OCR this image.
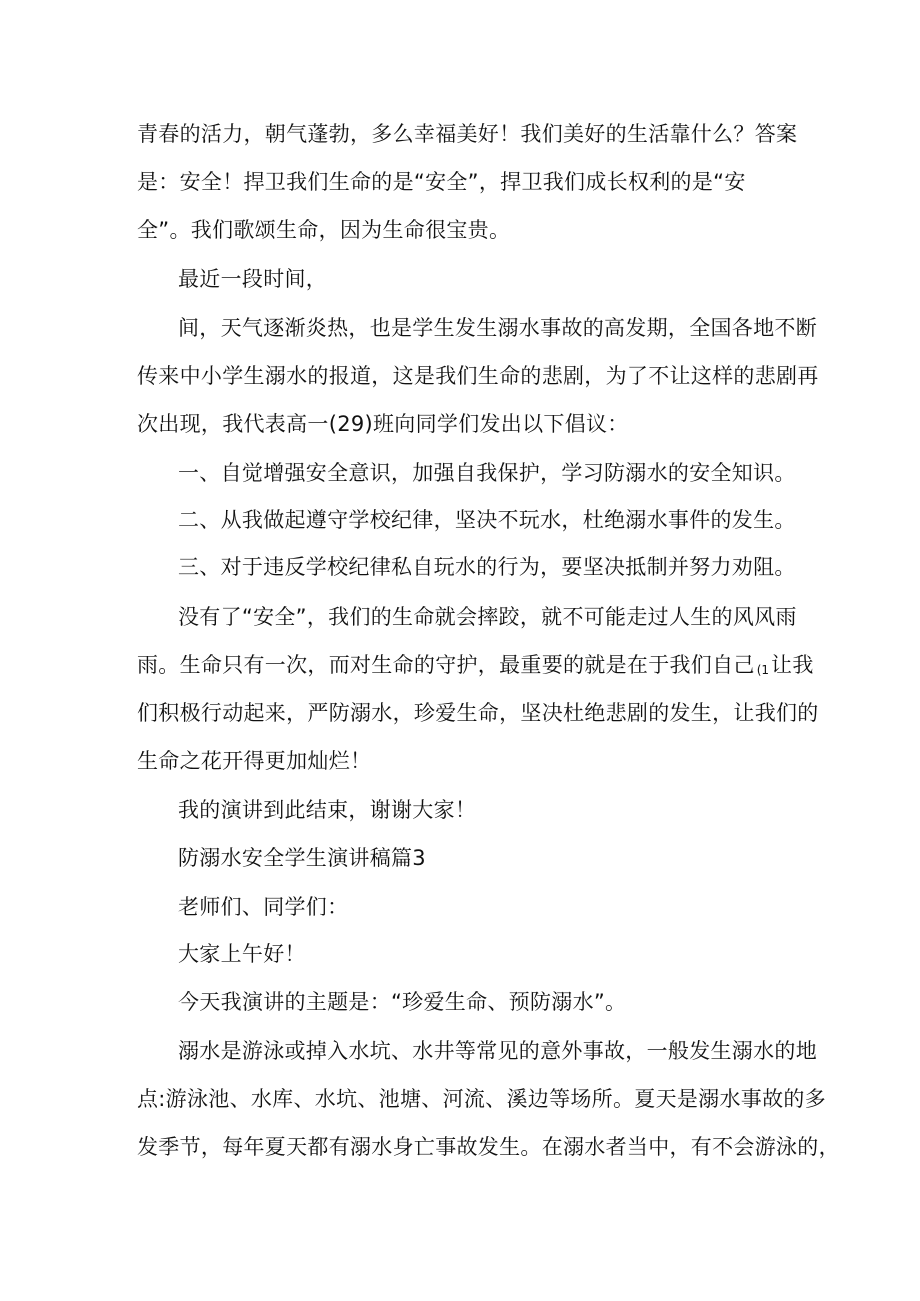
青春的活力，朝气蓬勃，多么幸福美好！我们美好的生活靠什么？答案
是：安全！捍卫我们生命的是“安全”，捍卫我们成长权利的是“安
全”。我们歌颂生命，因为生命很宝贵。
最近一段时间，
间，天气逐渐炎热，也是学生发生溺水事故的高发期，全国各地不断
传来中小学生溺水的报道，这是我们生命的悲剧，为了不让这样的悲剧再
次出现，我代表高一(29)班向同学们发出以下倡议：
一、自觉增强安全意识，加强自我保护，学习防溺水的安全知识。
二、从我做起遵守学校纪律，坚决不玩水，杜绝溺水事件的发生。
三、对于违反学校纪律私自玩水的行为，要坚决抵制并努力劝阻。
没有了“安全”，我们的生命就会摔跤，就不可能走过人生的风风雨
雨。生命只有一次，而对生命的守护，最重要的就是在于我们自己 (1让我
们积极行动起来，严防溺水，珍爱生命，坚决杜绝悲剧的发生，让我们的
生命之花开得更加灿烂！
我的演讲到此结束，谢谢大家！
防溺水安全学生演讲稿篇3
老师们、同学们：
大家上午好！
今天我演讲的主题是：“珍爱生命、预防溺水”。
溺水是游泳或掉入水坑、水井等常见的意外事故，一般发生溺水的地
点:游泳池、水库、水坑、池塘、河流、溪边等场所。夏天是溺水事故的多
发季节，每年夏天都有溺水身亡事故发生。在溺水者当中，有不会游泳的，
